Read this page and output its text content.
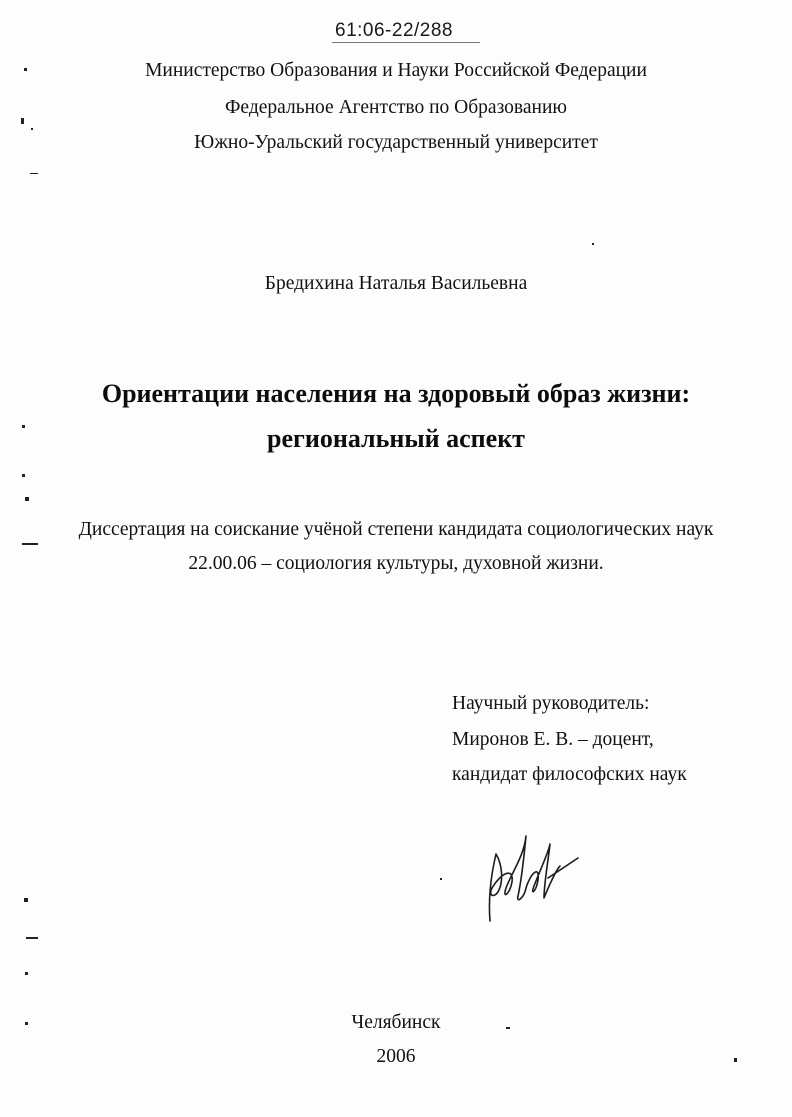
61:06-22/288
Министерство Образования и Науки Российской Федерации
Федеральное Агентство по Образованию
Южно-Уральский государственный университет
Бредихина Наталья Васильевна
Ориентации населения на здоровый образ жизни:
региональный аспект
Диссертация на соискание учёной степени кандидата социологических наук
22.00.06 – социология культуры, духовной жизни.
Научный руководитель:
Миронов Е. В. – доцент,
кандидат философских наук
Челябинск
2006
